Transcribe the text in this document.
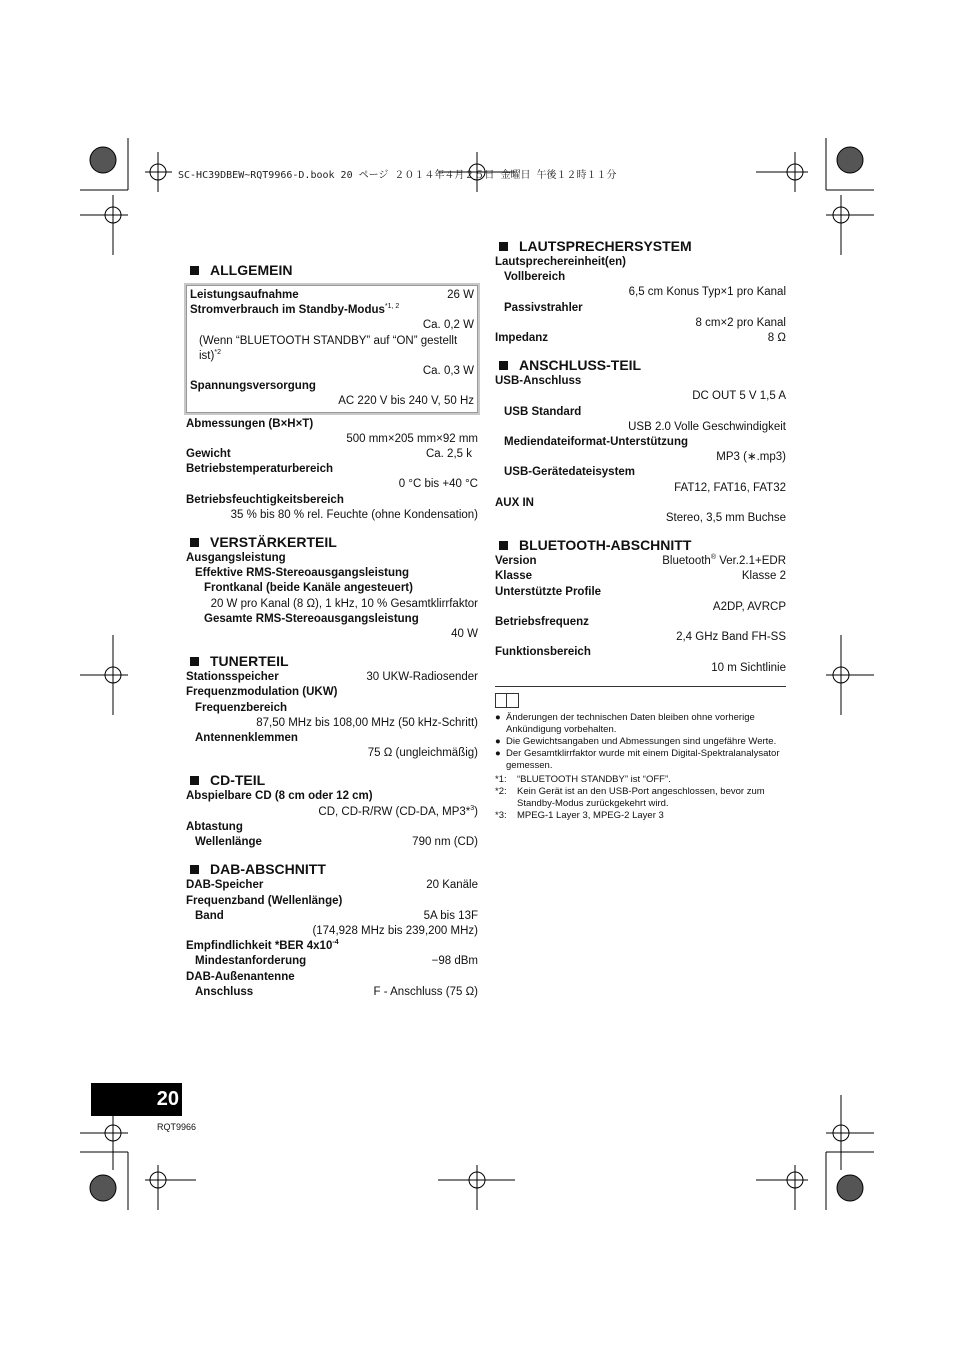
SC-HC39DBEW~RQT9966-D.book 20 ページ ２０１４年４月２５日 金曜日 午後１２時１１分
ALLGEMEIN
Leistungsaufnahme	26 W
Stromverbrauch im Standby-Modus$^{*1, 2}$
Ca. 0,2 W
(Wenn “BLUETOOTH STANDBY” auf “ON” gestellt ist)$^{*2}$
Ca. 0,3 W
Spannungsversorgung
AC 220 V bis 240 V, 50 Hz
Abmessungen (B×H×T)
500 mm×205 mm×92 mm
Gewicht	Ca. 2,5 k
Betriebstemperaturbereich
0 °C bis +40 °C
Betriebsfeuchtigkeitsbereich
35 % bis 80 % rel. Feuchte (ohne Kondensation)
VERSTÄRKERTEIL
Ausgangsleistung
Effektive RMS-Stereoausgangsleistung
Frontkanal (beide Kanäle angesteuert)
20 W pro Kanal (8 Ω), 1 kHz, 10 % Gesamtklirrfaktor
Gesamte RMS-Stereoausgangsleistung
40 W
TUNERTEIL
Stationsspeicher	30 UKW-Radiosender
Frequenzmodulation (UKW)
Frequenzbereich
87,50 MHz bis 108,00 MHz (50 kHz-Schritt)
Antennenklemmen
75 Ω (ungleichmäßig)
CD-TEIL
Abspielbare CD (8 cm oder 12 cm)
CD, CD-R/RW (CD-DA, MP3*$^3$)
Abtastung
Wellenlänge	790 nm (CD)
DAB-ABSCHNITT
DAB-Speicher	20 Kanäle
Frequenzband (Wellenlänge)
Band	5A bis 13F
(174,928 MHz bis 239,200 MHz)
Empfindlichkeit *BER $4x10^{-4}$
Mindestanforderung	−98 dBm
DAB-Außenantenne
Anschluss	F - Anschluss (75 Ω)
LAUTSPRECHERSYSTEM
Lautsprechereinheit(en)
Vollbereich
6,5 cm Konus Typ×1 pro Kanal
Passivstrahler
8 cm×2 pro Kanal
Impedanz	8 Ω
ANSCHLUSS-TEIL
USB-Anschluss
DC OUT 5 V 1,5 A
USB Standard
USB 2.0 Volle Geschwindigkeit
Mediendateiformat-Unterstützung
MP3 (∗.mp3)
USB-Gerätedateisystem
FAT12, FAT16, FAT32
AUX IN
Stereo, 3,5 mm Buchse
BLUETOOTH-ABSCHNITT
Version	Bluetooth® Ver.2.1+EDR
Klasse	Klasse 2
Unterstützte Profile
A2DP, AVRCP
Betriebsfrequenz
2,4 GHz Band FH-SS
Funktionsbereich
10 m Sichtlinie
● Änderungen der technischen Daten bleiben ohne vorherige Ankündigung vorbehalten.
● Die Gewichtsangaben und Abmessungen sind ungefähre Werte.
● Der Gesamtklirrfaktor wurde mit einem Digital-Spektralanalysator gemessen.
*1:	“BLUETOOTH STANDBY” ist “OFF”.
*2:	Kein Gerät ist an den USB-Port angeschlossen, bevor zum Standby-Modus zurückgekehrt wird.
*3:	MPEG-1 Layer 3, MPEG-2 Layer 3
20
RQT9966
